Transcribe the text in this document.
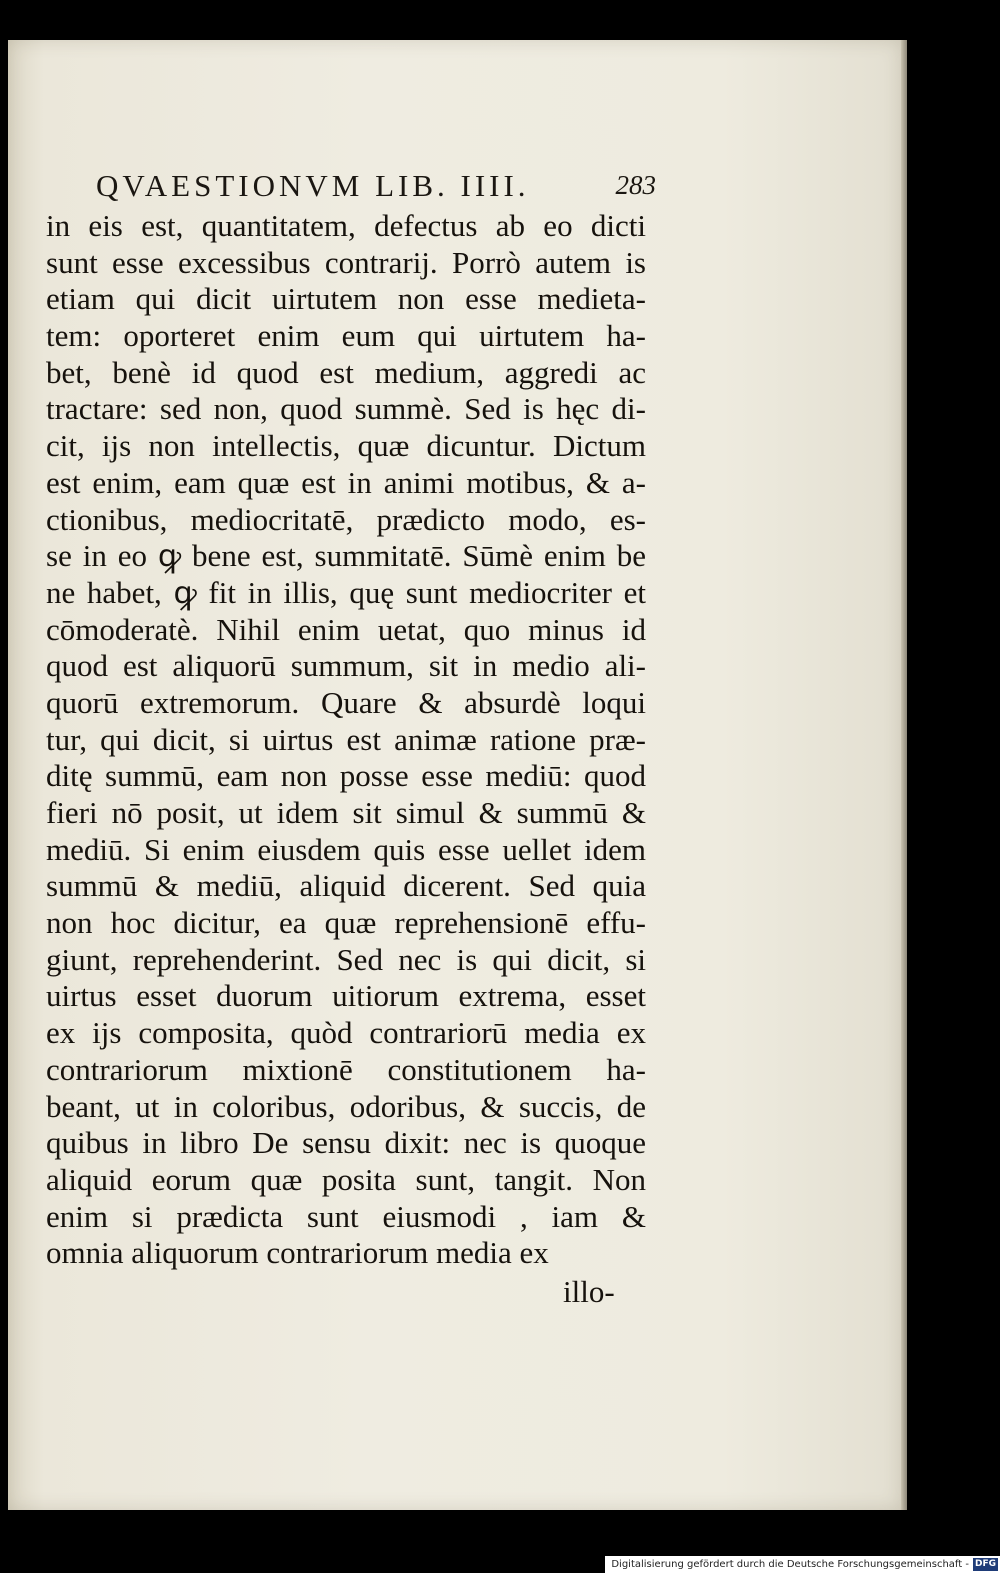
QVAESTIONVM LIB. IIII.	283
in eis est, quantitatem, defectus ab eo dicti
sunt esse excessibus contrarij. Porrò autem is
etiam qui dicit uirtutem non esse medieta-
tem: oporteret enim eum qui uirtutem ha-
bet, benè id quod est medium, aggredi ac
tractare: sed non, quod summè. Sed is hęc di-
cit, ijs non intellectis, quæ dicuntur. Dictum
est enim, eam quæ est in animi motibus, & a-
ctionibus, mediocritatē, prædicto modo, es-
se in eo ꝙ bene est, summitatē. Sūmè enim be
ne habet, ꝙ fit in illis, quę sunt mediocriter et
cōmoderatè. Nihil enim uetat, quo minus id
quod est aliquorū summum, sit in medio ali-
quorū extremorum. Quare & absurdè loqui
tur, qui dicit, si uirtus est animæ ratione præ-
ditę summū, eam non posse esse mediū: quod
fieri nō posit, ut idem sit simul & summū &
mediū. Si enim eiusdem quis esse uellet idem
summū & mediū, aliquid dicerent. Sed quia
non hoc dicitur, ea quæ reprehensionē effu-
giunt, reprehenderint. Sed nec is qui dicit, si
uirtus esset duorum uitiorum extrema, esset
ex ijs composita, quòd contrariorū media ex
contrariorum mixtionē constitutionem ha-
beant, ut in coloribus, odoribus, & succis, de
quibus in libro De sensu dixit: nec is quoque
aliquid eorum quæ posita sunt, tangit. Non
enim si prædicta sunt eiusmodi , iam &
omnia aliquorum contrariorum media ex
illo-
Digitalisierung gefördert durch die Deutsche Forschungsgemeinschaft - DFG
